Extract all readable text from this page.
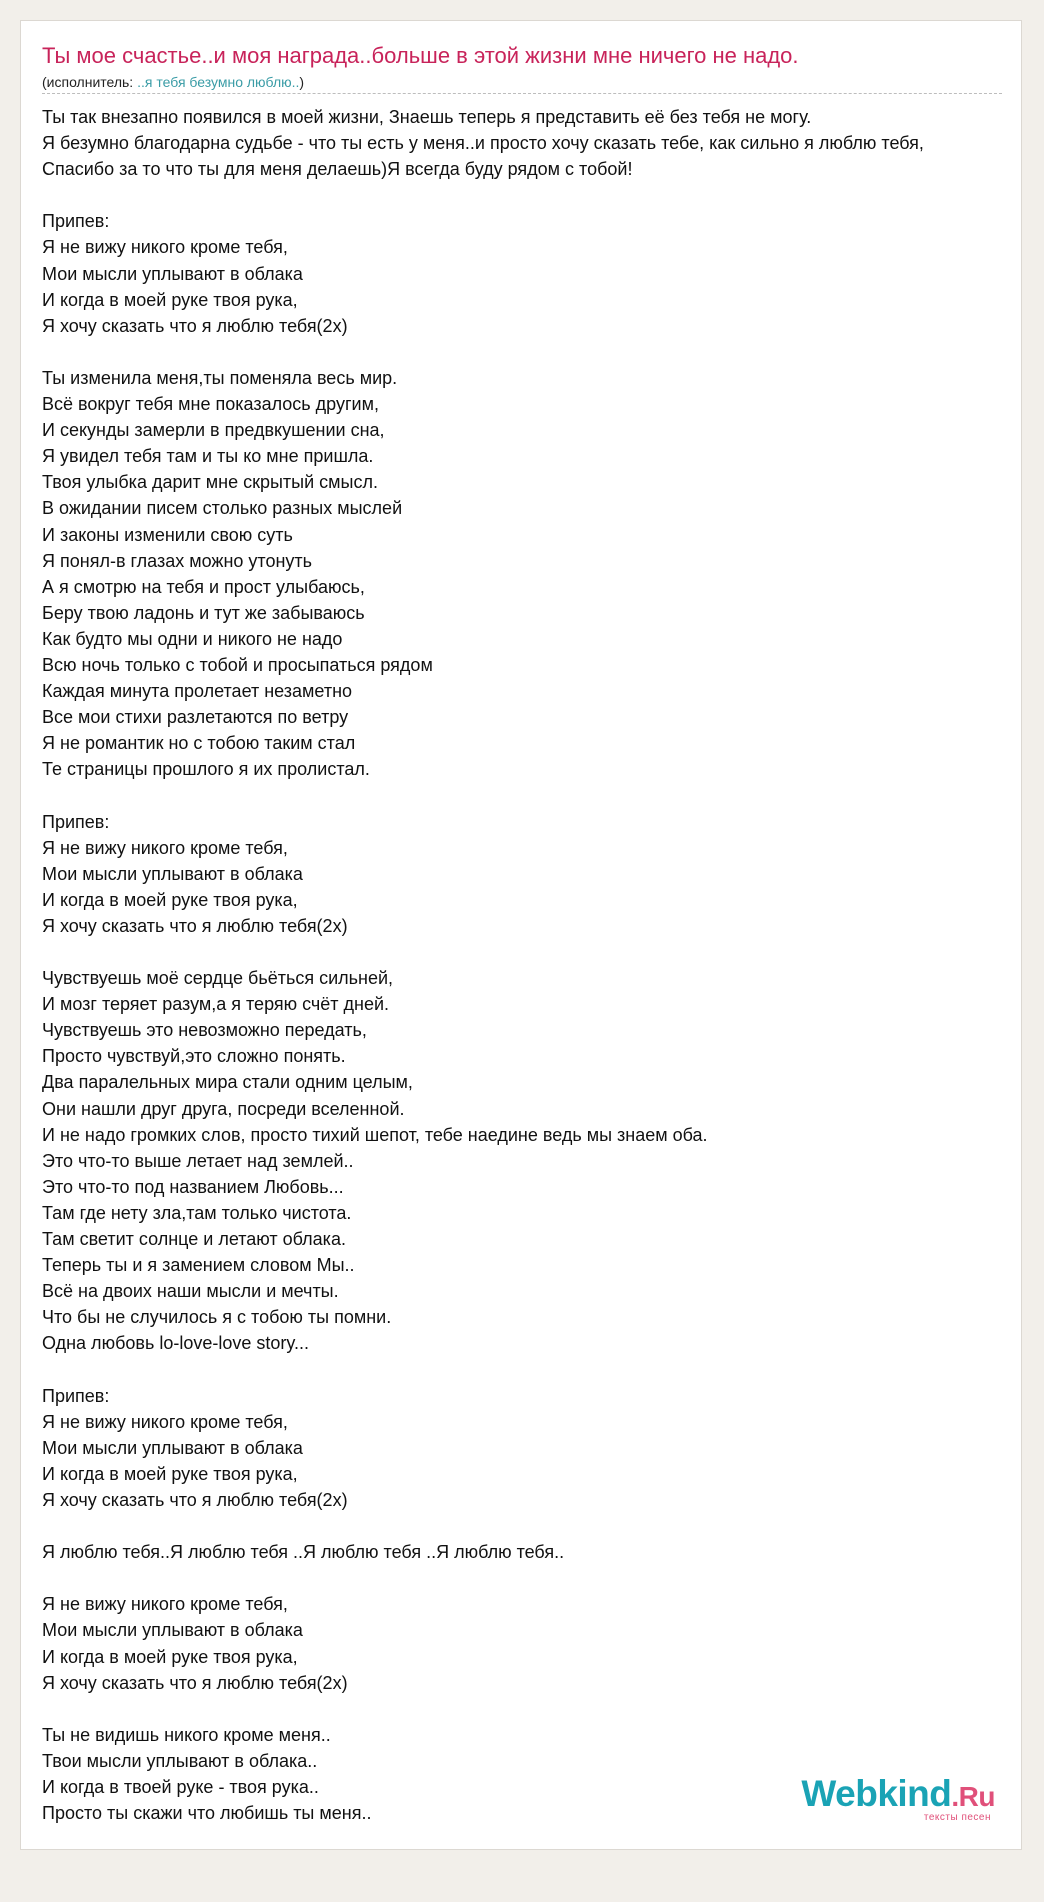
Ты мое счастье..и моя награда..больше в этой жизни мне ничего не надо.
(исполнитель: ..я тебя безумно люблю..)
Ты так внезапно появился в моей жизни, Знаешь теперь я представить её без тебя не могу.
Я безумно благодарна судьбе - что ты есть у меня..и просто хочу сказать тебе, как сильно я люблю тебя,
Спасибо за то что ты для меня делаешь)Я всегда буду рядом с тобой!
Припев:
Я не вижу никого кроме тебя,
Мои мысли уплывают в облака
И когда в моей руке твоя рука,
Я хочу сказать что я люблю тебя(2х)
Ты изменила меня,ты поменяла весь мир.
Всё вокруг тебя мне показалось другим,
И секунды замерли в предвкушении сна,
Я увидел тебя там и ты ко мне пришла.
Твоя улыбка дарит мне скрытый смысл.
В ожидании писем столько разных мыслей
И законы изменили свою суть
Я понял-в глазах можно утонуть
А я смотрю на тебя и прост улыбаюсь,
Беру твою ладонь и тут же забываюсь
Как будто мы одни и никого не надо
Всю ночь только с тобой и просыпаться рядом
Каждая минута пролетает незаметно
Все мои стихи разлетаются по ветру
Я не романтик но с тобою таким стал
Те страницы прошлого я их пролистал.
Припев:
Я не вижу никого кроме тебя,
Мои мысли уплывают в облака
И когда в моей руке твоя рука,
Я хочу сказать что я люблю тебя(2х)
Чувствуешь моё сердце бьёться сильней,
И мозг теряет разум,а я теряю счёт дней.
Чувствуешь это невозможно передать,
Просто чувствуй,это сложно понять.
Два паралельных мира стали одним целым,
Они нашли друг друга, посреди вселенной.
И не надо громких слов, просто тихий шепот, тебе наедине ведь мы знаем оба.
Это что-то выше летает над землей..
Это что-то под названием Любовь...
Там где нету зла,там только чистота.
Там светит солнце и летают облака.
Теперь ты и я замением словом Мы..
Всё на двоих наши мысли и мечты.
Что бы не случилось я с тобою ты помни.
Одна любовь lo-love-love story...
Припев:
Я не вижу никого кроме тебя,
Мои мысли уплывают в облака
И когда в моей руке твоя рука,
Я хочу сказать что я люблю тебя(2х)
Я люблю тебя..Я люблю тебя ..Я люблю тебя ..Я люблю тебя..
Я не вижу никого кроме тебя,
Мои мысли уплывают в облака
И когда в моей руке твоя рука,
Я хочу сказать что я люблю тебя(2х)
Ты не видишь никого кроме меня..
Твои мысли уплывают в облака..
И когда в твоей руке - твоя рука..
Просто ты скажи что любишь ты меня..	Webkind.Ru
тексты песен
